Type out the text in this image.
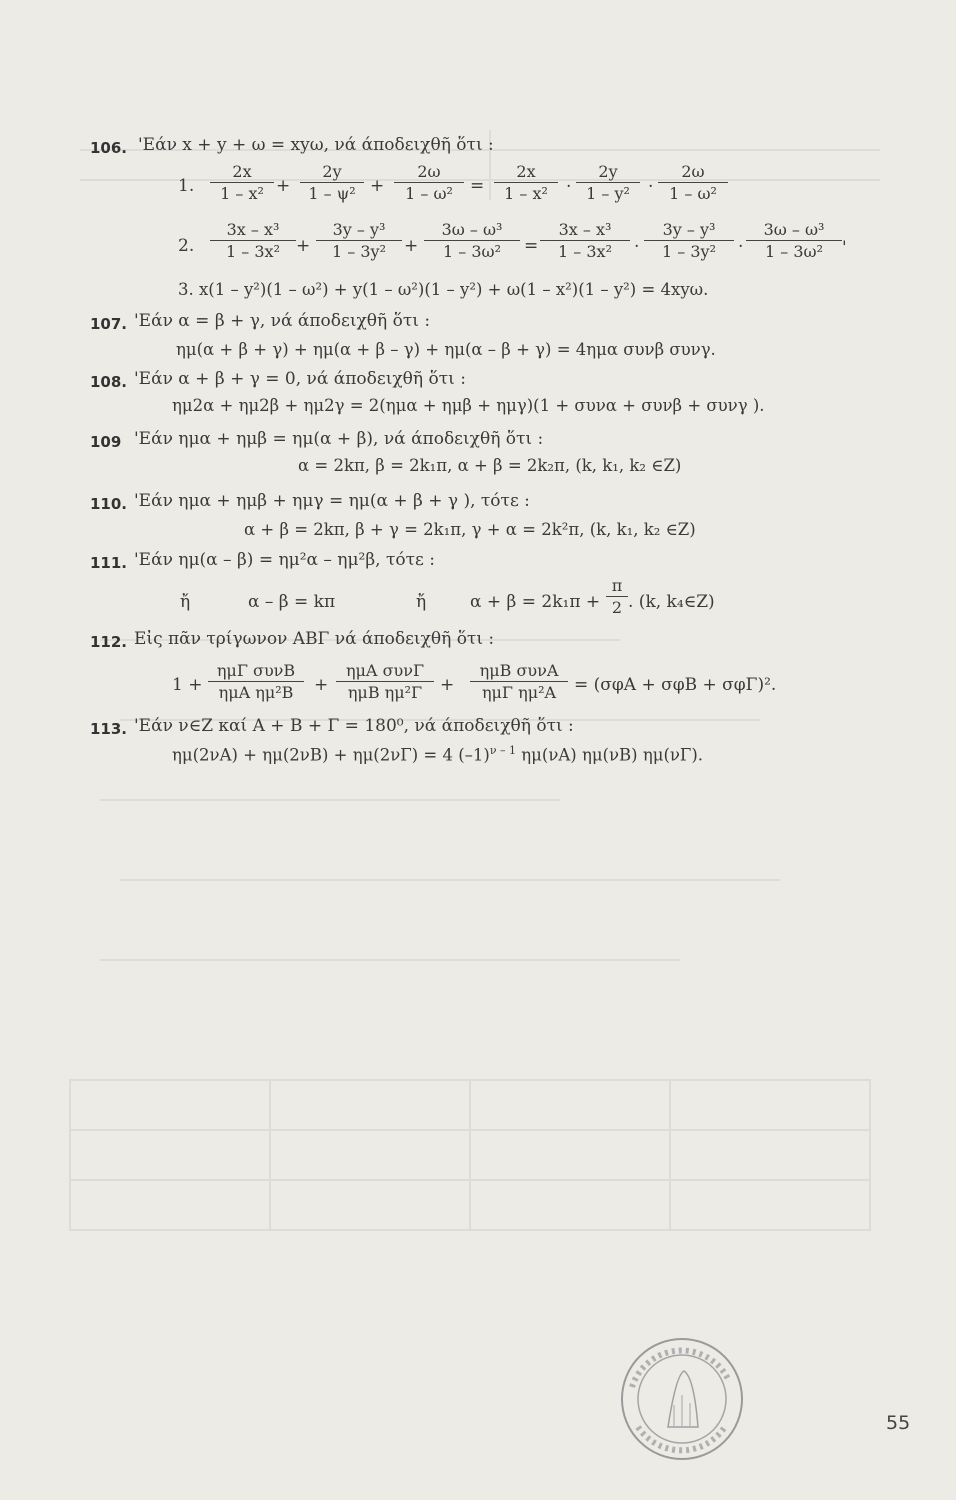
106. 'Εάν x + y + ω = xyω, νά άποδειχθῆ ὅτι :
1.
2x
1 – x² +
2y
1 – ψ² +
2ω
1 – ω²	=
2x
1 – x²
.
2y
1 – y²
.
2ω
1 – ω²
2.
3x – x³
1 – 3x² +
3y – y³
1 – 3y²	+
3ω – ω³
1 – 3ω²	=
3x – x³
1 – 3x²	.
3y – y³
1 – 3y²	.
3ω – ω³
1 – 3ω²	'
3. x(1 – y²)(1 – ω²) + y(1 – ω²)(1 – y²) + ω(1 – x²)(1 – y²) = 4xyω.
107. 'Εάν α = β + γ, νά άποδειχθῆ ὅτι :
ημ(α + β + γ) + ημ(α + β – γ) + ημ(α – β + γ) = 4ημα συνβ συνγ.
108. 'Εάν α + β + γ = 0, νά άποδειχθῆ ὅτι :
ημ2α + ημ2β + ημ2γ = 2(ημα + ημβ + ημγ)(1 + συνα + συνβ + συνγ ).
109 'Εάν ημα + ημβ = ημ(α + β), νά άποδειχθῆ ὅτι :
α = 2kπ, β = 2k₁π, α + β = 2k₂π, (k, k₁, k₂ ∈Z)
110. 'Εάν ημα + ημβ + ημγ = ημ(α + β + γ ), τότε :
α + β = 2kπ, β + γ = 2k₁π, γ + α = 2k²π, (k, k₁, k₂ ∈Z)
111. 'Εάν ημ(α – β) = ημ²α – ημ²β, τότε :
ἤ	α – β = kπ	ἤ	α + β = 2k₁π +
π
2 . (k, k₄∈Z)
112. Εἰς πᾶν τρίγωνον ΑΒΓ νά άποδειχθῆ ὅτι :
1 +
ημΓ συνΒ
ημΑ ημ²Β	+
ημΑ συνΓ
ημΒ ημ²Γ	+
ημΒ συνΑ
ημΓ ημ²Α	= (σφΑ + σφΒ + σφΓ)².
113. 'Εάν ν∈Ζ καί Α + Β + Γ = 180⁰, νά άποδειχθῆ ὅτι :
ημ(2νΑ) + ημ(2νΒ) + ημ(2νΓ) = 4 $(-1)^{\nu - 1}$ ημ(νΑ) ημ(νΒ) ημ(νΓ).
55
